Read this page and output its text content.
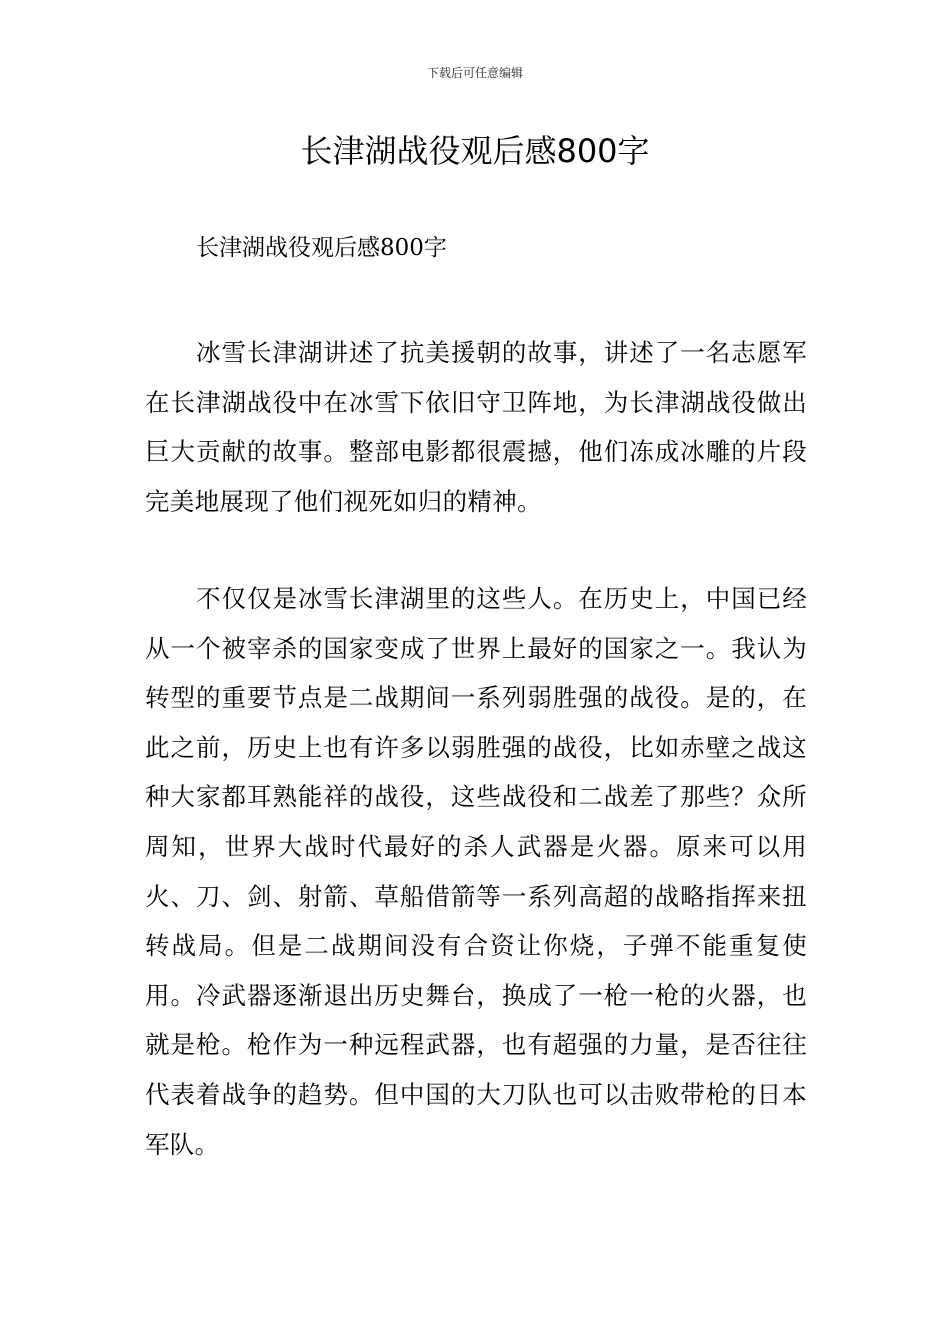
下载后可任意编辑
长津湖战役观后感800字
长津湖战役观后感800字

冰雪长津湖讲述了抗美援朝的故事，讲述了一名志愿军在长津湖战役中在冰雪下依旧守卫阵地，为长津湖战役做出巨大贡献的故事。整部电影都很震撼，他们冻成冰雕的片段完美地展现了他们视死如归的精神。

不仅仅是冰雪长津湖里的这些人。在历史上，中国已经从一个被宰杀的国家变成了世界上最好的国家之一。我认为转型的重要节点是二战期间一系列弱胜强的战役。是的，在此之前，历史上也有许多以弱胜强的战役，比如赤壁之战这种大家都耳熟能祥的战役，这些战役和二战差了那些？众所周知，世界大战时代最好的杀人武器是火器。原来可以用火、刀、剑、射箭、草船借箭等一系列高超的战略指挥来扭转战局。但是二战期间没有合资让你烧，子弹不能重复使用。冷武器逐渐退出历史舞台，换成了一枪一枪的火器，也就是枪。枪作为一种远程武器，也有超强的力量，是否往往代表着战争的趋势。但中国的大刀队也可以击败带枪的日本军队。
